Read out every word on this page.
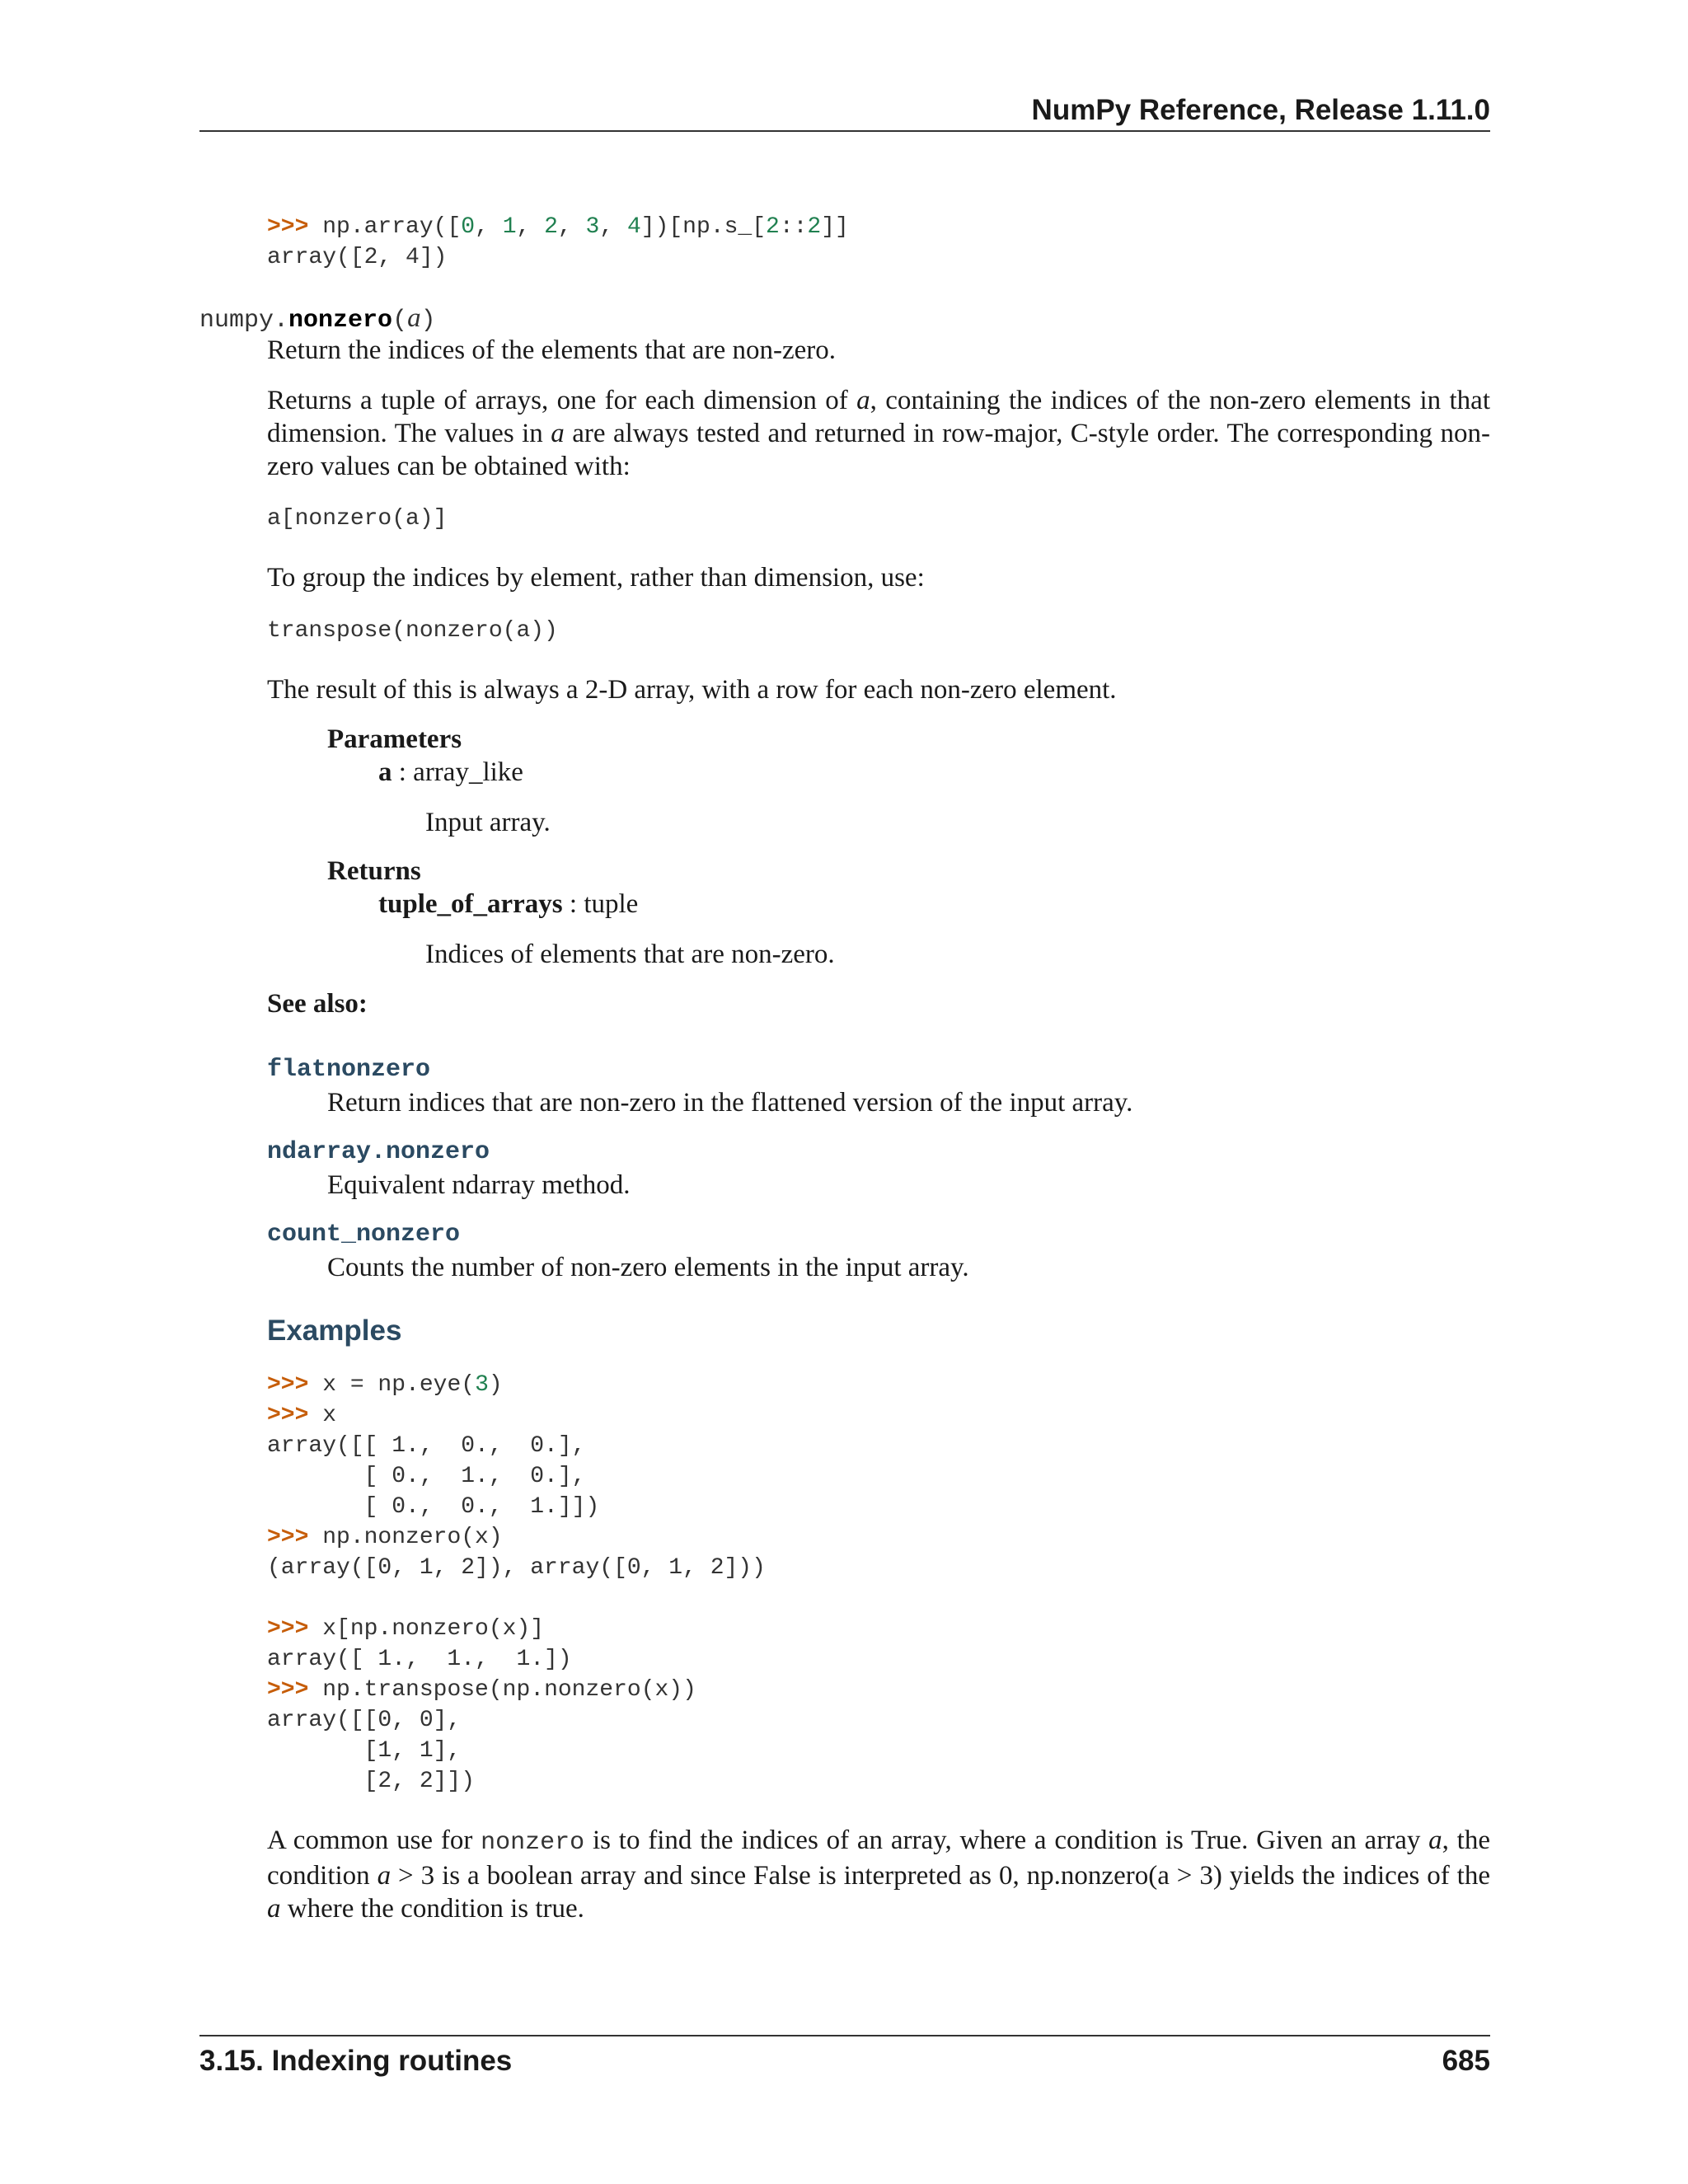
NumPy Reference, Release 1.11.0
>>> np.array([0, 1, 2, 3, 4])[np.s_[2::2]]
array([2, 4])
numpy.nonzero(a)
Return the indices of the elements that are non-zero.
Returns a tuple of arrays, one for each dimension of a, containing the indices of the non-zero elements in that dimension. The values in a are always tested and returned in row-major, C-style order. The corresponding non-zero values can be obtained with:
a[nonzero(a)]
To group the indices by element, rather than dimension, use:
transpose(nonzero(a))
The result of this is always a 2-D array, with a row for each non-zero element.
Parameters
a : array_like
Input array.
Returns
tuple_of_arrays : tuple
Indices of elements that are non-zero.
See also:
flatnonzero
Return indices that are non-zero in the flattened version of the input array.
ndarray.nonzero
Equivalent ndarray method.
count_nonzero
Counts the number of non-zero elements in the input array.
Examples
>>> x = np.eye(3)
>>> x
array([[ 1.,  0.,  0.],
[ 0.,  1.,  0.],
[ 0.,  0.,  1.]])
>>> np.nonzero(x)
(array([0, 1, 2]), array([0, 1, 2]))

>>> x[np.nonzero(x)]
array([ 1.,  1.,  1.])
>>> np.transpose(np.nonzero(x))
array([[0, 0],
[1, 1],
[2, 2]])
A common use for nonzero is to find the indices of an array, where a condition is True. Given an array a, the condition a > 3 is a boolean array and since False is interpreted as 0, np.nonzero(a > 3) yields the indices of the a where the condition is true.
3.15. Indexing routines	685
